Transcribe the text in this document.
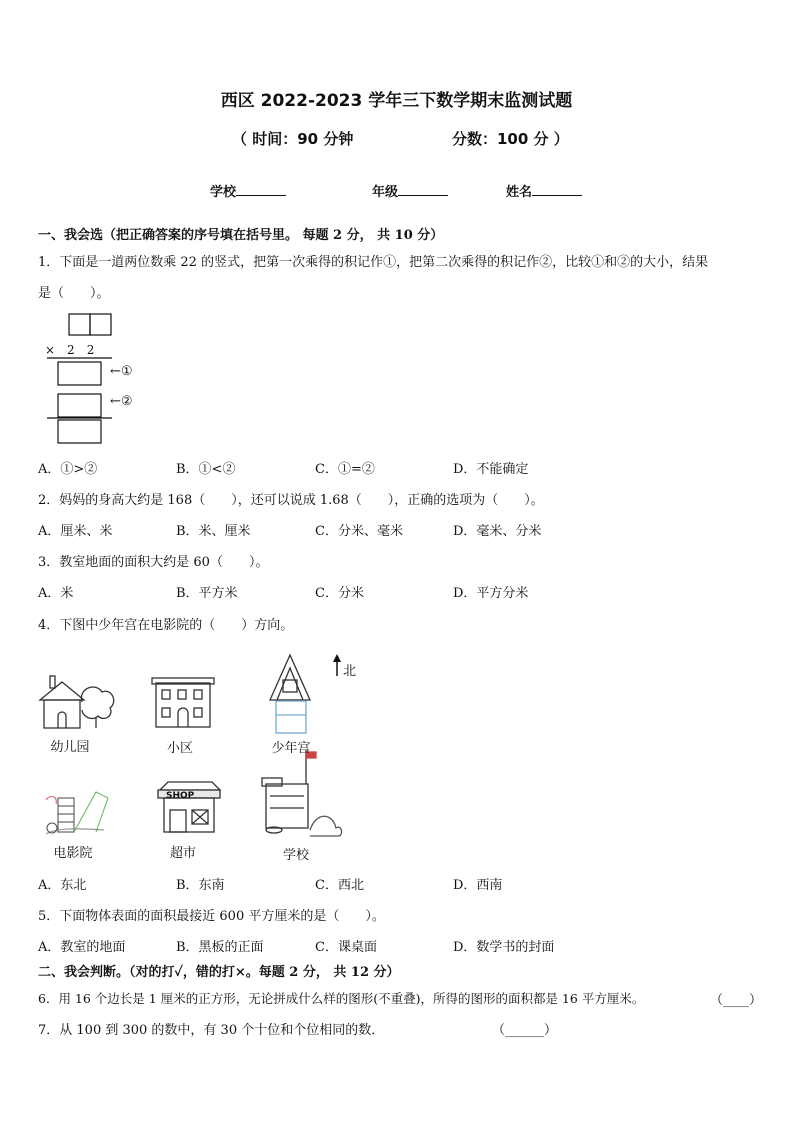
西区 2022-2023 学年三下数学期末监测试题
（ 时间：90 分钟	分数：100 分 ）
学校	年级	姓名
一、我会选（把正确答案的序号填在括号里。 每题 2 分， 共 10 分）
1．下面是一道两位数乘 22 的竖式，把第一次乘得的积记作①，把第二次乘得的积记作②，比较①和②的大小，结果
是（　　）。
×　2　2
←①
←②
A．①>②	B．①<②	C．①=②	D．不能确定
2．妈妈的身高大约是 168（　　），还可以说成 1.68（　　），正确的选项为（　　）。
A．厘米、米	B．米、厘米	C．分米、毫米	D．毫米、分米
3．教室地面的面积大约是 60（　　）。
A．米	B．平方米	C．分米	D．平方分米
4．下图中少年宫在电影院的（　　）方向。
北
SHOP
幼儿园	小区	少年宫
电影院	超市	学校
A．东北	B．东南	C．西北	D．西南
5．下面物体表面的面积最接近 600 平方厘米的是（　　）。
A．教室的地面	B．黑板的正面	C．课桌面	D．数学书的封面
二、我会判断。（对的打✓，错的打×。每题 2 分， 共 12 分）
6．用 16 个边长是 1 厘米的正方形，无论拼成什么样的图形(不重叠)，所得的图形的面积都是 16 平方厘米。	（____）
7．从 100 到 300 的数中，有 30 个十位和个位相同的数．	（______）
